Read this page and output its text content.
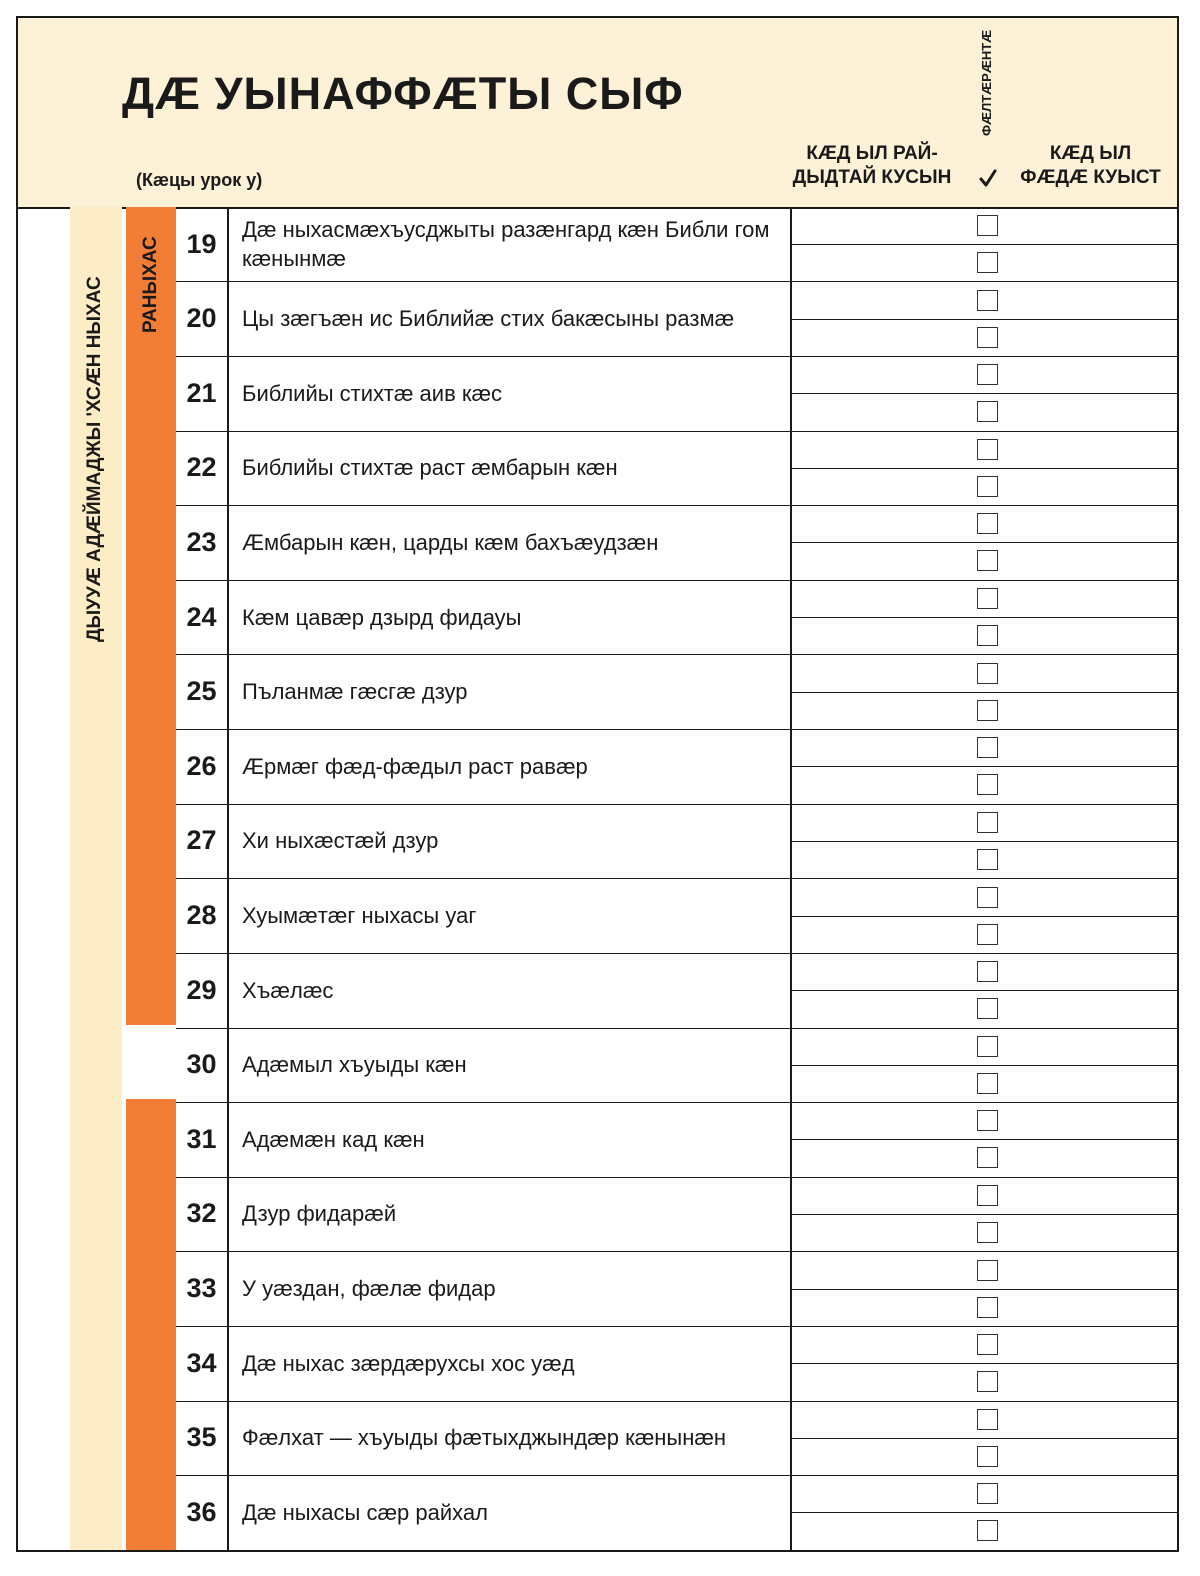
ДÆ УЫНАФФÆТЫ СЫФ
(Кæцы урок у)
КÆД ЫЛ РАЙ-
ДЫДТАЙ КУСЫН
ФÆЛТÆРÆНТÆ
КÆД ЫЛ
ФÆДÆ КУЫСТ
ДЫУУÆ АДÆЙМАДЖЫ 'ХСÆН НЫХАС РАНЫХАС 19	Дæ ныхасмæхъусджыты разæнгард кæн Библи гом кæнынмæ
20	Цы зæгъæн ис Библийæ стих бакæсыны размæ
21	Библийы стихтæ аив кæс
22	Библийы стихтæ раст æмбарын кæн
23	Æмбарын кæн, царды кæм бахъæудзæн
24	Кæм цавæр дзырд фидауы
25	Пъланмæ гæсгæ дзур
26	Æрмæг фæд-фæдыл раст равæр
27	Хи ныхæстæй дзур
28	Хуымæтæг ныхасы уаг
29	Хъæлæс
30	Адæмыл хъуыды кæн
31	Адæмæн кад кæн
32	Дзур фидарæй
33	У уæздан, фæлæ фидар
34	Дæ ныхас зæрдæрухсы хос уæд
35	Фæлхат — хъуыды фæтыхджындæр кæнынæн
36	Дæ ныхасы сæр райхал
